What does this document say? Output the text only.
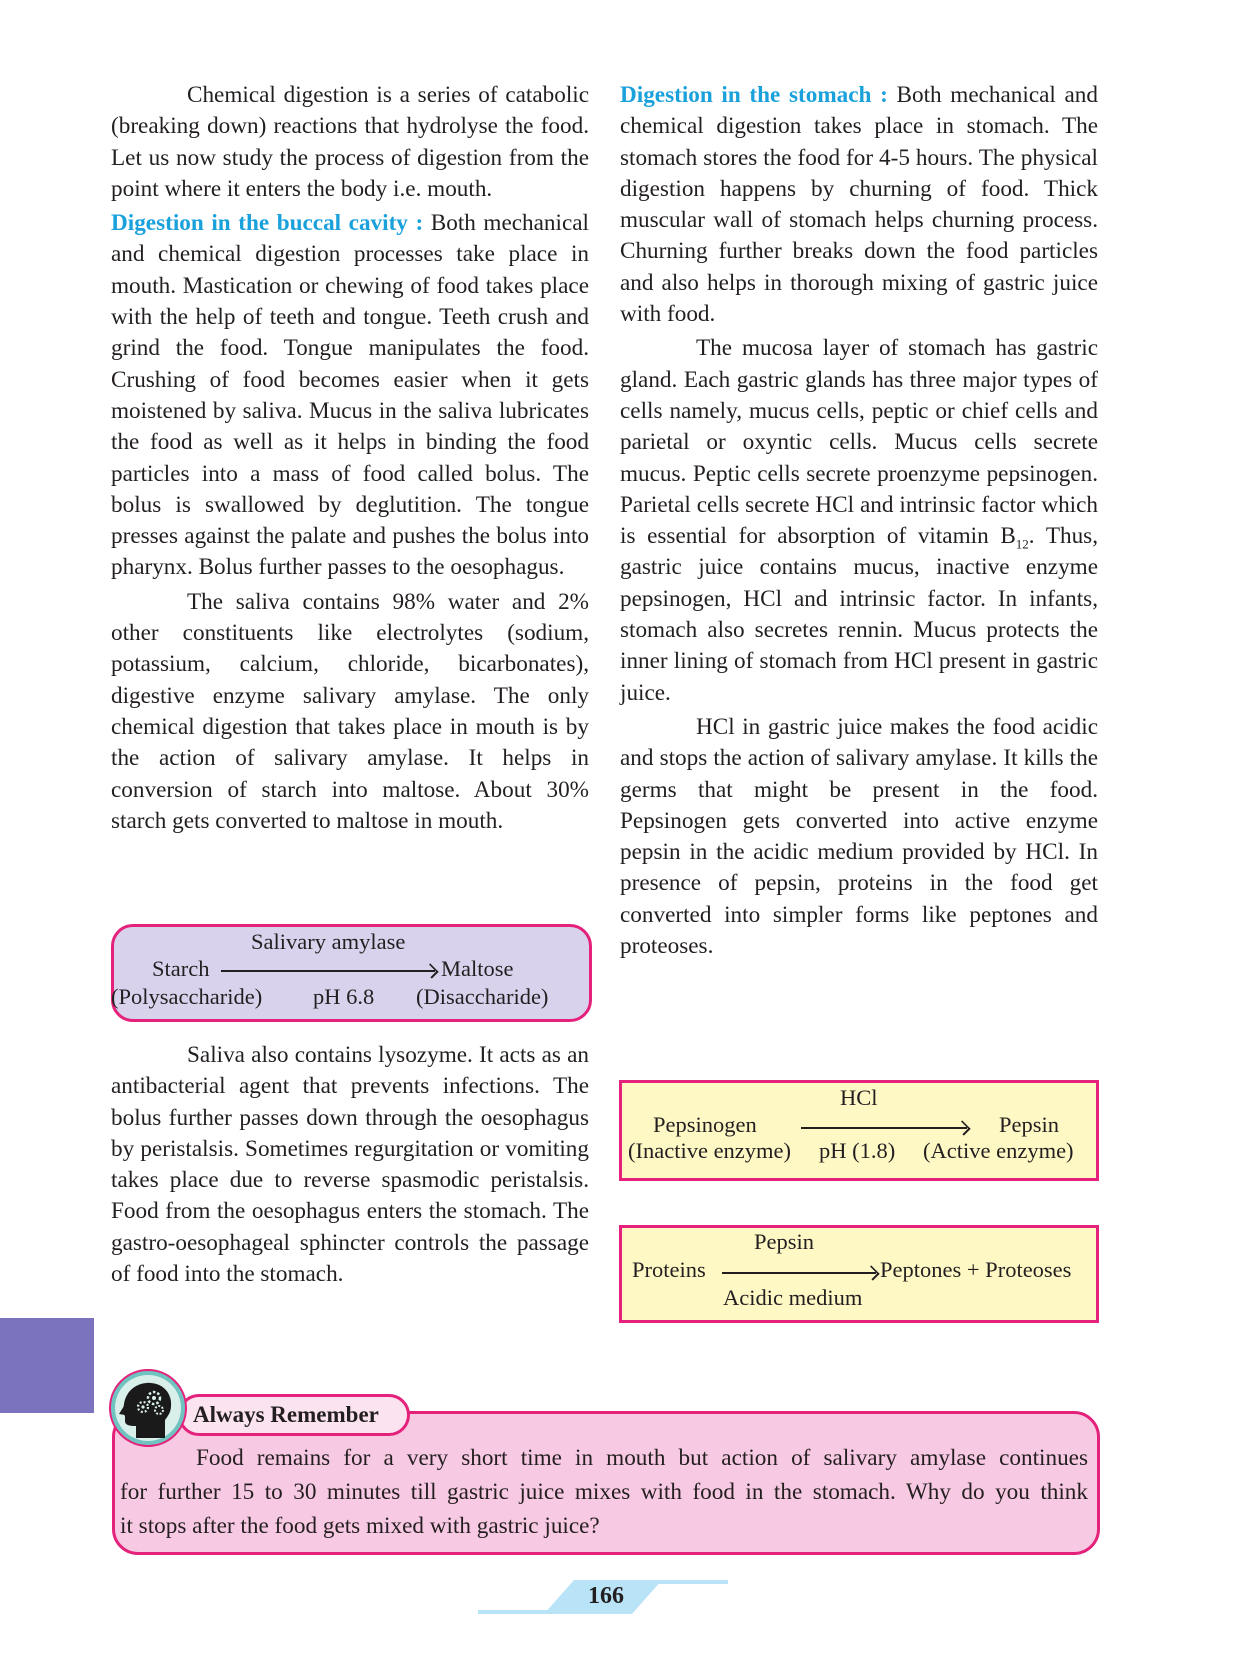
Chemical digestion is a series of catabolic (breaking down) reactions that hydrolyse the food. Let us now study the process of digestion from the point where it enters the body i.e. mouth.

Digestion in the buccal cavity : Both mechanical and chemical digestion processes take place in mouth. Mastication or chewing of food takes place with the help of teeth and tongue. Teeth crush and grind the food. Tongue manipulates the food. Crushing of food becomes easier when it gets moistened by saliva. Mucus in the saliva lubricates the food as well as it helps in binding the food particles into a mass of food called bolus. The bolus is swallowed by deglutition. The tongue presses against the palate and pushes the bolus into pharynx. Bolus further passes to the oesophagus.

The saliva contains 98% water and 2% other constituents like electrolytes (sodium, potassium, calcium, chloride, bicarbonates), digestive enzyme salivary amylase. The only chemical digestion that takes place in mouth is by the action of salivary amylase. It helps in conversion of starch into maltose. About 30% starch gets converted to maltose in mouth.

Salivary amylase
Starch	Maltose
(Polysaccharide) pH 6.8 (Disaccharide)

Saliva also contains lysozyme. It acts as an antibacterial agent that prevents infections. The bolus further passes down through the oesophagus by peristalsis. Sometimes regurgitation or vomiting takes place due to reverse spasmodic peristalsis. Food from the oesophagus enters the stomach. The gastro-oesophageal sphincter controls the passage of food into the stomach.

Digestion in the stomach : Both mechanical and chemical digestion takes place in stomach. The stomach stores the food for 4-5 hours. The physical digestion happens by churning of food. Thick muscular wall of stomach helps churning process. Churning further breaks down the food particles and also helps in thorough mixing of gastric juice with food.

The mucosa layer of stomach has gastric gland. Each gastric glands has three major types of cells namely, mucus cells, peptic or chief cells and parietal or oxyntic cells. Mucus cells secrete mucus. Peptic cells secrete proenzyme pepsinogen. Parietal cells secrete HCl and intrinsic factor which is essential for absorption of vitamin $B_{12}$. Thus, gastric juice contains mucus, inactive enzyme pepsinogen, HCl and intrinsic factor. In infants, stomach also secretes rennin. Mucus protects the inner lining of stomach from HCl present in gastric juice.

HCl in gastric juice makes the food acidic and stops the action of salivary amylase. It kills the germs that might be present in the food. Pepsinogen gets converted into active enzyme pepsin in the acidic medium provided by HCl. In presence of pepsin, proteins in the food get converted into simpler forms like peptones and proteoses.

HCl
Pepsinogen	Pepsin
(Inactive enzyme) pH (1.8) (Active enzyme)
Pepsin
Proteins	Peptones + Proteoses
Acidic medium
Food remains for a very short time in mouth but action of salivary amylase continues
for further 15 to 30 minutes till gastric juice mixes with food in the stomach. Why do you think
it stops after the food gets mixed with gastric juice?
Always Remember
166
